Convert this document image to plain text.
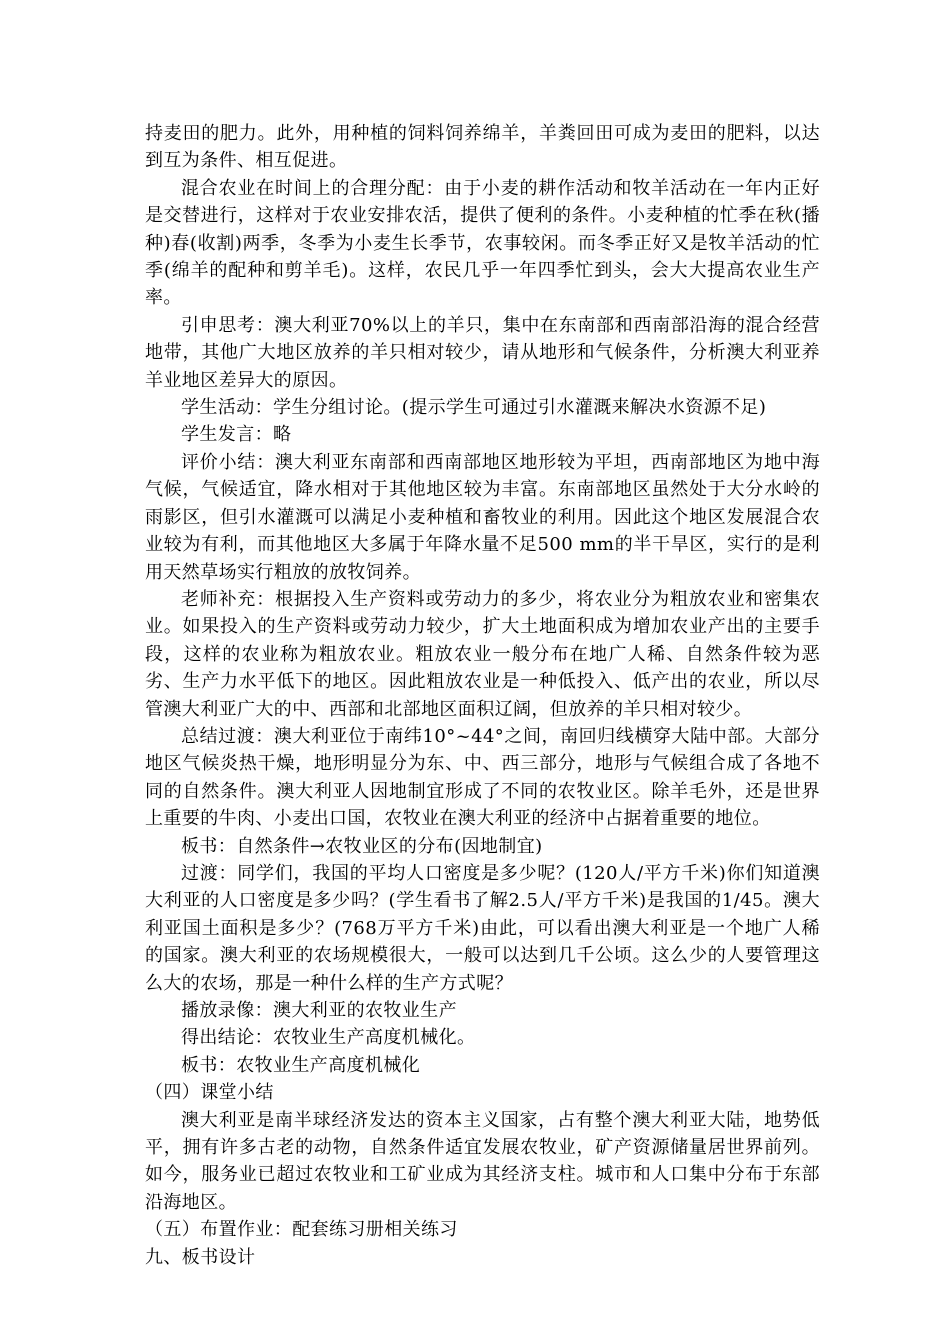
持麦田的肥力。此外，用种植的饲料饲养绵羊，羊粪回田可成为麦田的肥料，以达到互为条件、相互促进。

混合农业在时间上的合理分配：由于小麦的耕作活动和牧羊活动在一年内正好是交替进行，这样对于农业安排农活，提供了便利的条件。小麦种植的忙季在秋(播种)春(收割)两季，冬季为小麦生长季节，农事较闲。而冬季正好又是牧羊活动的忙季(绵羊的配种和剪羊毛)。这样，农民几乎一年四季忙到头，会大大提高农业生产率。

引申思考：澳大利亚70%以上的羊只，集中在东南部和西南部沿海的混合经营地带，其他广大地区放养的羊只相对较少，请从地形和气候条件，分析澳大利亚养羊业地区差异大的原因。

学生活动：学生分组讨论。(提示学生可通过引水灌溉来解决水资源不足)

学生发言：略

评价小结：澳大利亚东南部和西南部地区地形较为平坦，西南部地区为地中海气候，气候适宜，降水相对于其他地区较为丰富。东南部地区虽然处于大分水岭的雨影区，但引水灌溉可以满足小麦种植和畜牧业的利用。因此这个地区发展混合农业较为有利，而其他地区大多属于年降水量不足500 mm的半干旱区，实行的是利用天然草场实行粗放的放牧饲养。

老师补充：根据投入生产资料或劳动力的多少，将农业分为粗放农业和密集农业。如果投入的生产资料或劳动力较少，扩大土地面积成为增加农业产出的主要手段，这样的农业称为粗放农业。粗放农业一般分布在地广人稀、自然条件较为恶劣、生产力水平低下的地区。因此粗放农业是一种低投入、低产出的农业，所以尽管澳大利亚广大的中、西部和北部地区面积辽阔，但放养的羊只相对较少。

总结过渡：澳大利亚位于南纬10°~44°之间，南回归线横穿大陆中部。大部分地区气候炎热干燥，地形明显分为东、中、西三部分，地形与气候组合成了各地不同的自然条件。澳大利亚人因地制宜形成了不同的农牧业区。除羊毛外，还是世界上重要的牛肉、小麦出口国，农牧业在澳大利亚的经济中占据着重要的地位。

板书：自然条件→农牧业区的分布(因地制宜)

过渡：同学们，我国的平均人口密度是多少呢？(120人/平方千米)你们知道澳大利亚的人口密度是多少吗？(学生看书了解2.5人/平方千米)是我国的1/45。澳大利亚国土面积是多少？(768万平方千米)由此，可以看出澳大利亚是一个地广人稀的国家。澳大利亚的农场规模很大，一般可以达到几千公顷。这么少的人要管理这么大的农场，那是一种什么样的生产方式呢？

播放录像：澳大利亚的农牧业生产

得出结论：农牧业生产高度机械化。

板书：农牧业生产高度机械化

（四）课堂小结

澳大利亚是南半球经济发达的资本主义国家，占有整个澳大利亚大陆，地势低平，拥有许多古老的动物，自然条件适宜发展农牧业，矿产资源储量居世界前列。如今，服务业已超过农牧业和工矿业成为其经济支柱。城市和人口集中分布于东部沿海地区。

（五）布置作业：配套练习册相关练习

九、板书设计
